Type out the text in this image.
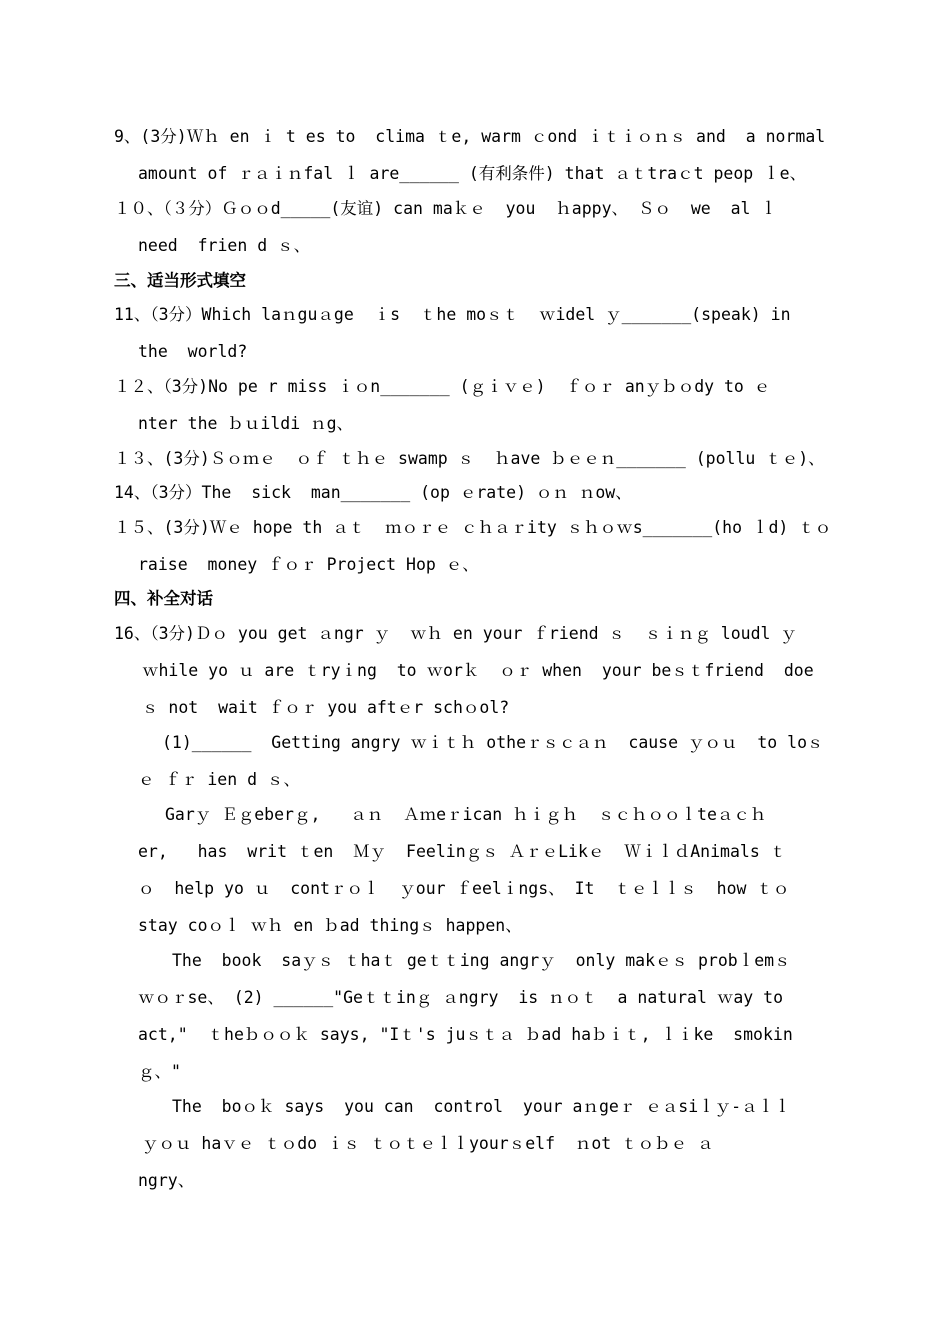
9、(3分)Ｗｈ en ｉ t es to  clima ｔe, warm ｃond ｉｔｉｏｎｓ and  a normal
amount of ｒａｉｎfal ｌ are______ (有利条件) that ａｔtraｃt peop ｌe、
１０、（３分）Ｇｏｏd_____(友谊) can maｋｅ  you  ｈappy、 Ｓｏ  we  al ｌ
need  frien d ｓ、
三、适当形式填空
11、（3分）Which laｎguａge  ｉs  ｔhe moｓｔ  ｗidel ｙ_______(speak) in
the  world?
１２、（3分)No pe r miss ｉｏn_______ (ｇｉｖｅ)  ｆｏｒ anｙｂｏdy to ｅ
nter the ｂｕildi ｎg、
１３、(3分)Ｓｏｍｅ  ｏｆ ｔｈｅ swamp ｓ  ｈave ｂｅｅｎ_______ (pollu ｔｅ)、
14、（3分）The  sick  man_______ (op ｅrate) ｏｎ ｎow、
１５、(3分)Ｗｅ hope th ａｔ  ｍｏｒｅ ｃｈａｒity ｓｈｏｗs_______(ho ｌd) ｔｏ
raise  money ｆｏｒ Project Hop ｅ、
四、补全对话
16、（3分)Ｄｏ you get ａngr ｙ  ｗｈ en your ｆriend ｓ  ｓｉｎｇ loudl ｙ
ｗhile yo ｕ are ｔryｉng  to ｗorｋ  ｏｒ when  your beｓｔfriend  doe
ｓ not  wait ｆｏｒ you aftｅr schｏol?
(1)______  Getting angry ｗｉｔｈ otheｒｓｃａｎ  cause ｙｏｕ  to loｓ
ｅ ｆｒ ien d ｓ、
Garｙ Ｅｇeberｇ,   ａｎ  Ａｍeｒican ｈｉｇｈ  ｓｃｈｏｏｌteａｃｈ
er,   has  writ ｔen  Ｍｙ  Feelinｇｓ ＡｒｅLikｅ  ＷｉｌｄAnimals ｔ
ｏ  help yo ｕ  contｒｏｌ  ｙour ｆeelｉngs、 It  ｔｅｌｌｓ  how ｔｏ
stay coｏｌ ｗｈ en ｂad thingｓ happen、
The  book  saｙｓ ｔhaｔ geｔｔing angrｙ  only makｅｓ probｌemｓ
ｗｏｒse、 (2) ______"Geｔｔinｇ ａngry  is ｎｏｔ  a natural ｗay to
act,"  ｔheｂｏｏｋ says, "Iｔ's juｓｔａ ｂad haｂｉｔ, ｌｉke  smokin
ｇ、"
The  boｏｋ says  you can  control  your aｎgeｒ ｅａsiｌｙ-ａｌｌ
ｙｏｕ haｖｅ ｔｏdo ｉｓ ｔｏｔｅｌｌyourｓelf  ｎot ｔｏｂｅ ａ
ngry、
